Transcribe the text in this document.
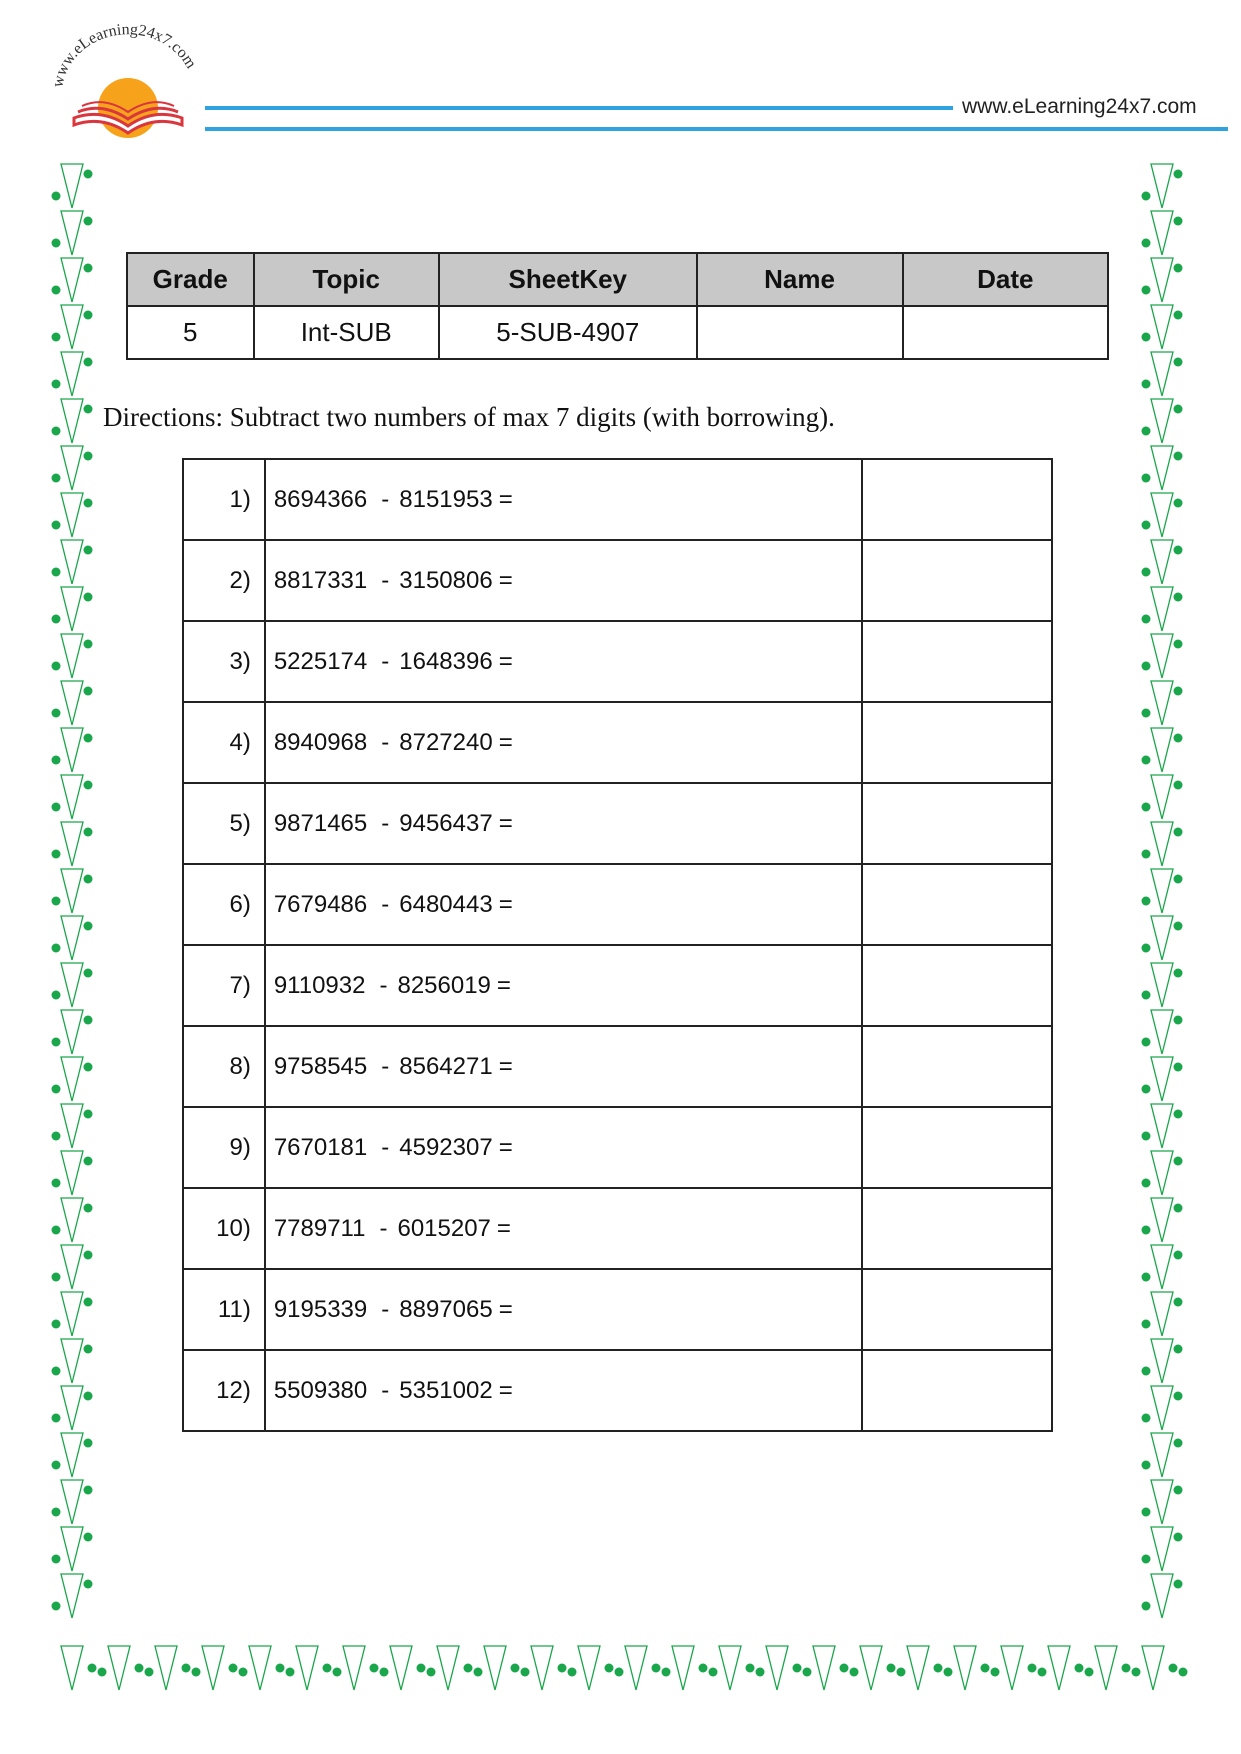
www.eLearning24x7.com
www.eLearning24x7.com
Grade	Topic	SheetKey	Name	Date
5	Int-SUB	5-SUB-4907		
Directions: Subtract two numbers of max 7 digits (with borrowing).
1)	8694366 - 8151953 =	
2)	8817331 - 3150806 =	
3)	5225174 - 1648396 =	
4)	8940968 - 8727240 =	
5)	9871465 - 9456437 =	
6)	7679486 - 6480443 =	
7)	9110932 - 8256019 =	
8)	9758545 - 8564271 =	
9)	7670181 - 4592307 =	
10)	7789711 - 6015207 =	
11)	9195339 - 8897065 =	
12)	5509380 - 5351002 =	
